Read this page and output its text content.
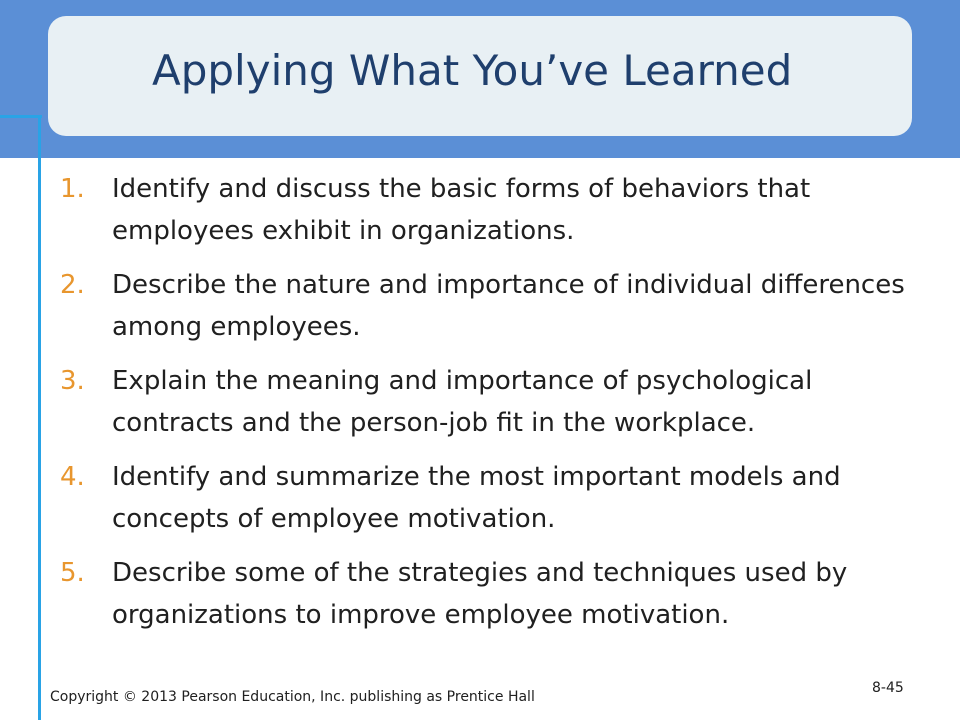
Applying What You’ve Learned
1.	Identify and discuss the basic forms of behaviors that employees exhibit in organizations.
2.	Describe the nature and importance of individual differences among employees.
3.	Explain the meaning and importance of psychological contracts and the person-job fit in the workplace.
4.	Identify and summarize the most important models and concepts of employee motivation.
5.	Describe some of the strategies and techniques used by organizations to improve employee motivation.
Copyright © 2013 Pearson Education, Inc. publishing as Prentice Hall
8-45
